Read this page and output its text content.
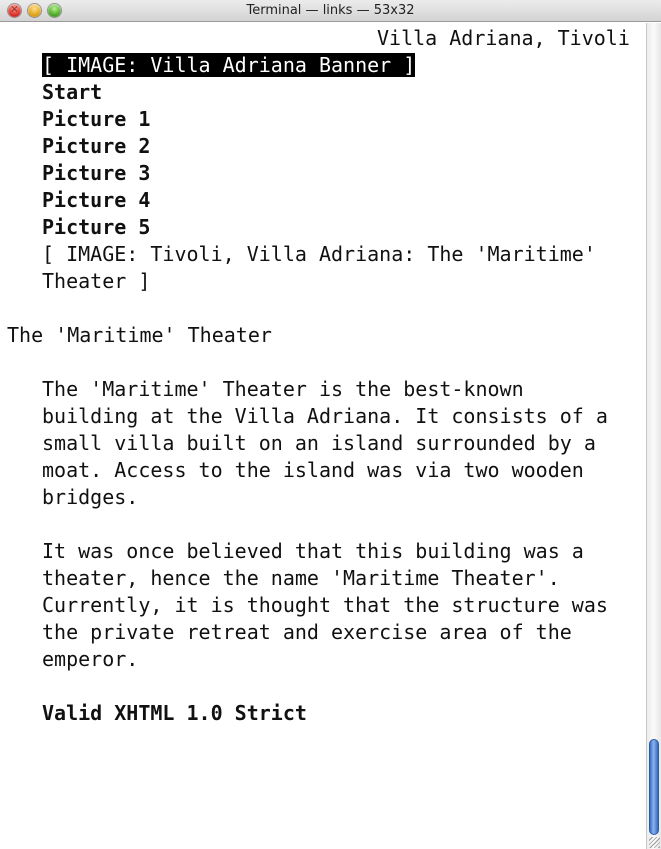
×	Terminal — links — 53x32
Villa Adriana, Tivoli
[ IMAGE: Villa Adriana Banner ]
Start
Picture 1
Picture 2
Picture 3
Picture 4
Picture 5
[ IMAGE: Tivoli, Villa Adriana: The 'Maritime'
Theater ]
The 'Maritime' Theater
The 'Maritime' Theater is the best-known
building at the Villa Adriana. It consists of a
small villa built on an island surrounded by a
moat. Access to the island was via two wooden
bridges.
It was once believed that this building was a
theater, hence the name 'Maritime Theater'.
Currently, it is thought that the structure was
the private retreat and exercise area of the
emperor.
Valid XHTML 1.0 Strict
